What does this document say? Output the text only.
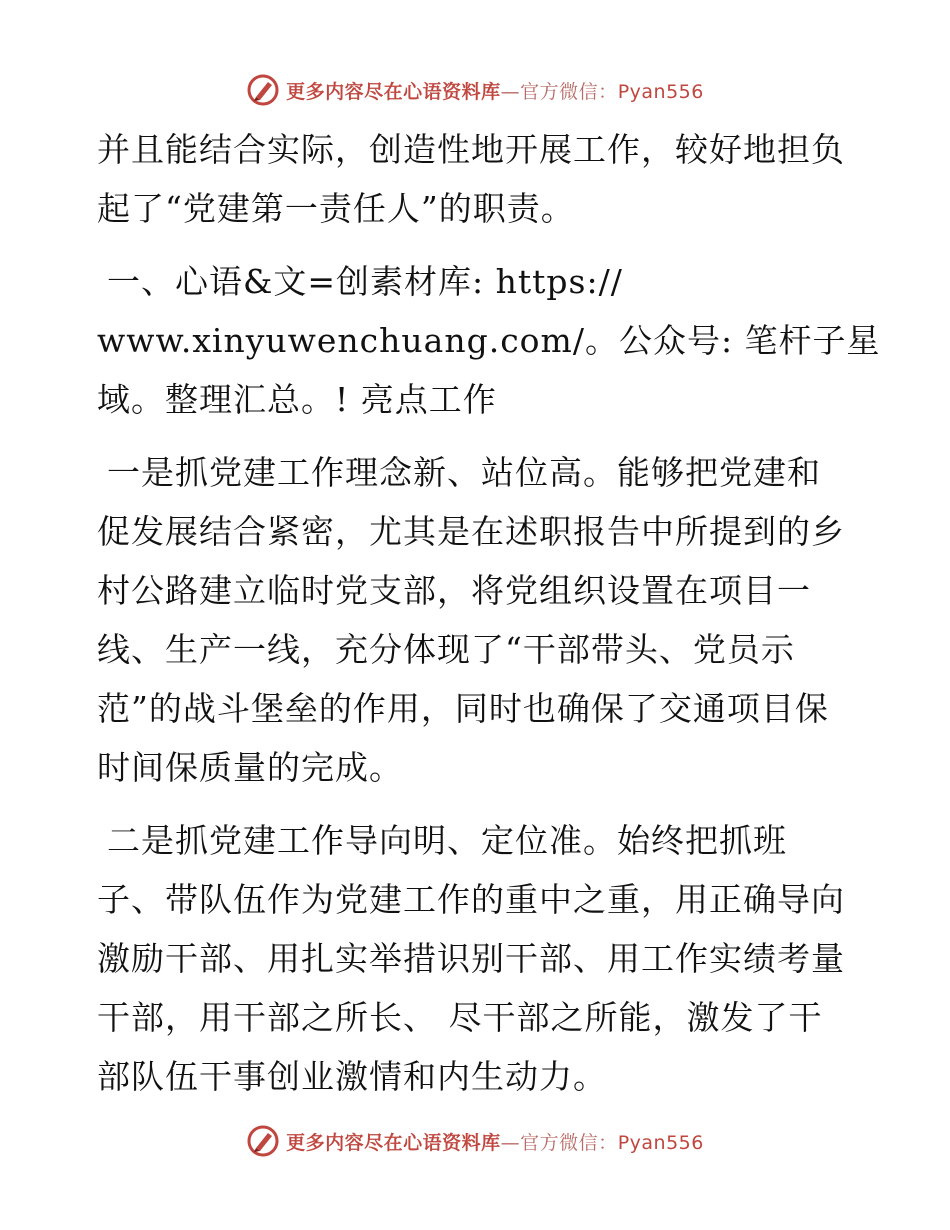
更多内容尽在心语资料库—官方微信：Pyan556

并且能结合实际，创造性地开展工作，较好地担负
起了“党建第一责任人”的职责。

一、心语&文=创素材库: https://
www.xinyuwenchuang.com/。公众号: 笔杆子星
域。整理汇总。! 亮点工作

一是抓党建工作理念新、站位高。能够把党建和
促发展结合紧密，尤其是在述职报告中所提到的乡
村公路建立临时党支部，将党组织设置在项目一
线、生产一线，充分体现了“干部带头、党员示
范”的战斗堡垒的作用，同时也确保了交通项目保
时间保质量的完成。

二是抓党建工作导向明、定位准。始终把抓班
子、带队伍作为党建工作的重中之重，用正确导向
激励干部、用扎实举措识别干部、用工作实绩考量
干部，用干部之所长、 尽干部之所能，激发了干
部队伍干事创业激情和内生动力。

更多内容尽在心语资料库—官方微信：Pyan556
